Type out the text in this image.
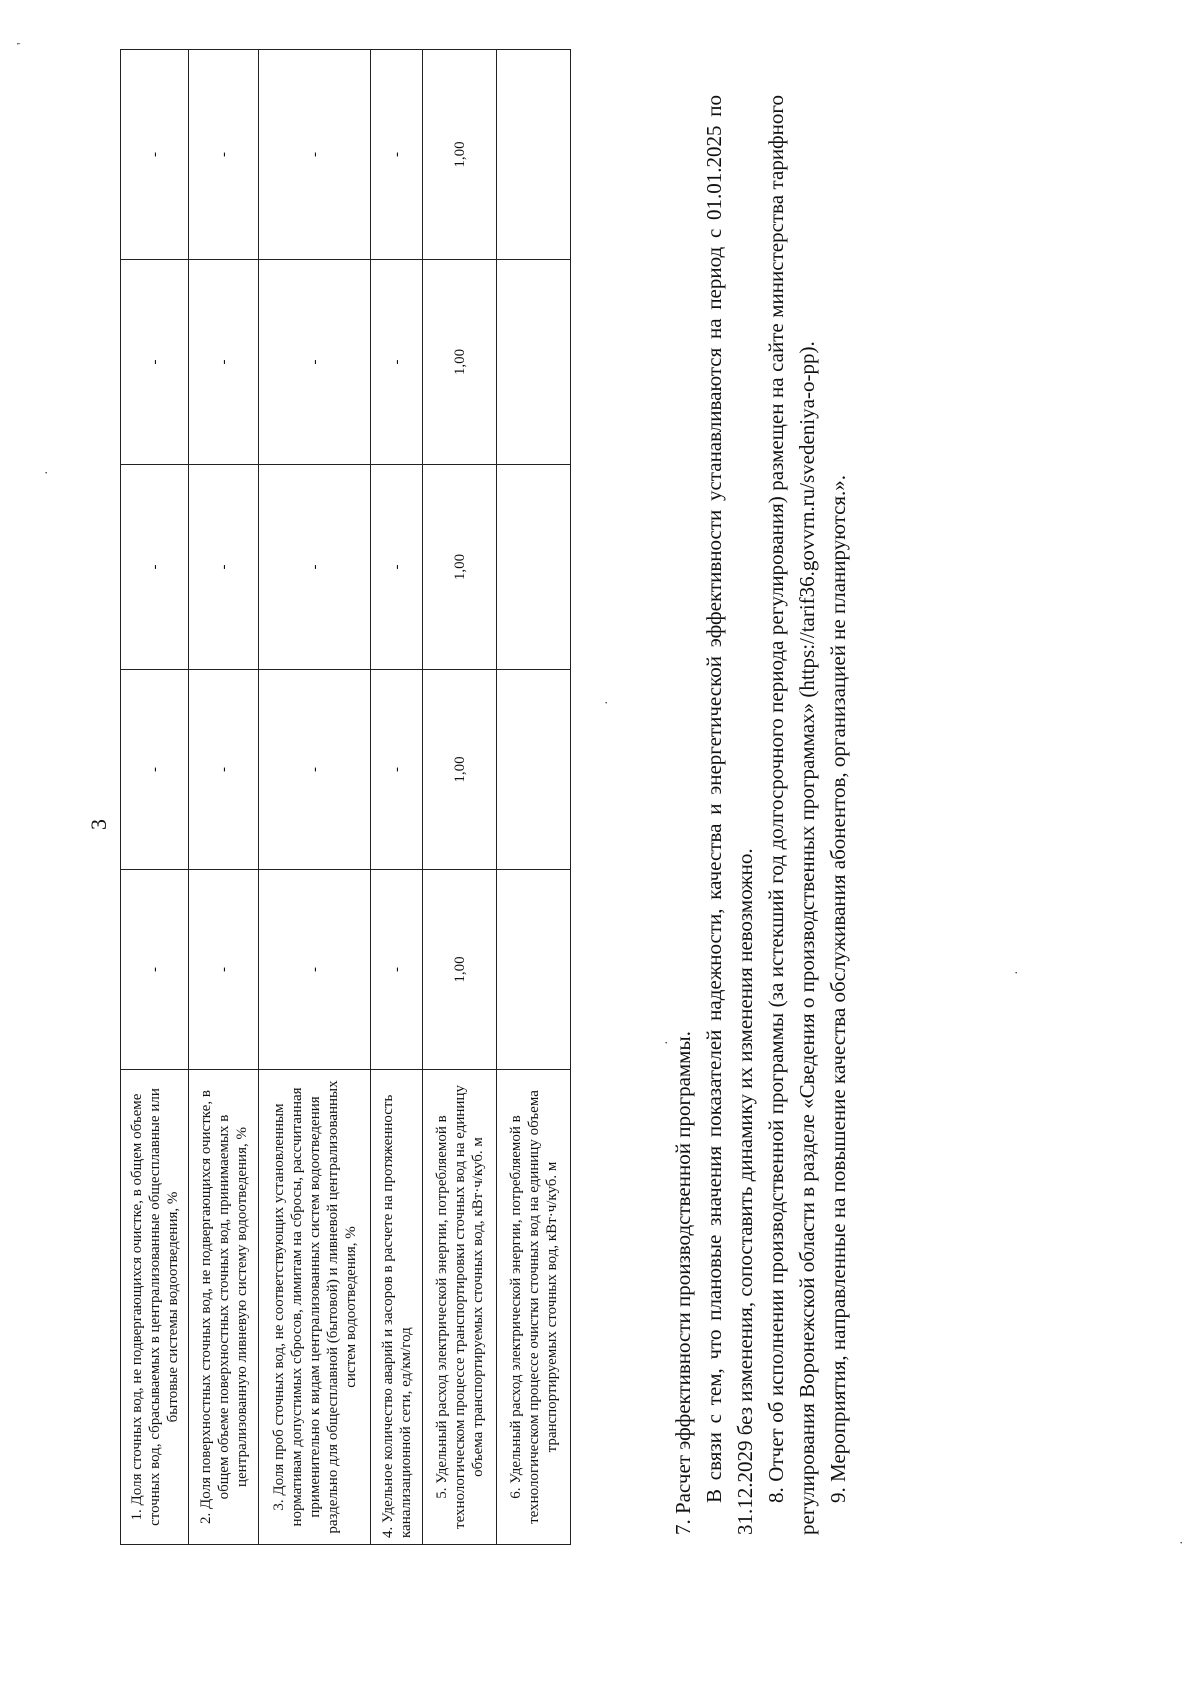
3
1. Доля сточных вод, не подвергающихся очистке, в общем объеме сточных вод, сбрасываемых в централизованные общесплавные или бытовые системы водоотведения, %	-	-	-	-	-
2. Доля поверхностных сточных вод, не подвергающихся очистке, в общем объеме поверхностных сточных вод, принимаемых в централизованную ливневую систему водоотведения, %	-	-	-	-	-
3. Доля проб сточных вод, не соответствующих установленным нормативам допустимых сбросов, лимитам на сбросы, рассчитанная применительно к видам централизованных систем водоотведения раздельно для общесплавной (бытовой) и ливневой централизованных систем водоотведения, %	-	-	-	-	-
4. Удельное количество аварий и засоров в расчете на протяженность канализационной сети, ед/км/год	-	-	-	-	-
5. Удельный расход электрической энергии, потребляемой в технологическом процессе транспортировки сточных вод на единицу объема транспортируемых сточных вод, кВт·ч/куб. м	1,00	1,00	1,00	1,00	1,00
6. Удельный расход электрической энергии, потребляемой в технологическом процессе очистки сточных вод на единицу объема транспортируемых сточных вод, кВт·ч/куб. м						7. Расчет эффективности производственной программы. В связи с тем, что плановые значения показателей надежности, качества и энергетической эффективности устанавливаются на период с 01.01.2025 по 31.12.2029 без изменения, сопоставить динамику их изменения невозможно. 8. Отчет об исполнении производственной программы (за истекший год долгосрочного периода регулирования) размещен на сайте министерства тарифного регулирования Воронежской области в разделе «Сведения о производственных программах» (https://tarif36.govvrn.ru/svedeniya-o-pp). 9. Мероприятия, направленные на повышение качества обслуживания абонентов, организацией не планируются.».

'
·
·
·
·
·
